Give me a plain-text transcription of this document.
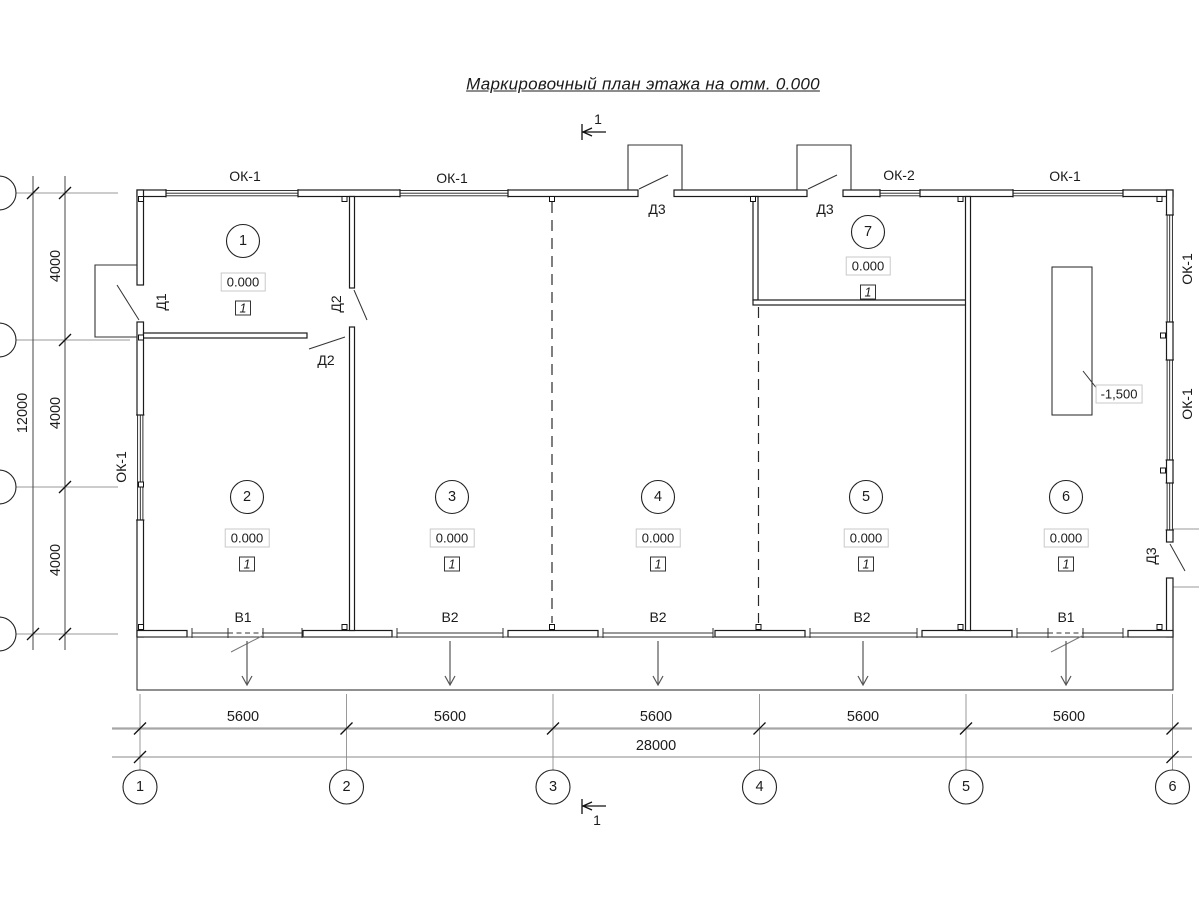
Маркировочный план этажа на отм. 0.000
1
1
ОК-1	ОК-1	ОК-2	ОК-1
ОК-1
ОК-1
ОК-1
Д1	Д2
Д2
Д3	Д3
Д3
1
0.000
1
2
0.000
1
3
0.000
1
4
0.000
1
5
0.000
1
6
0.000
1
7
0.000
1
-1,500
В1	В2	В2	В2	В1
5600	5600	5600	5600	5600
28000
4000
4000
4000
12000
1	2	3	4	5	6
